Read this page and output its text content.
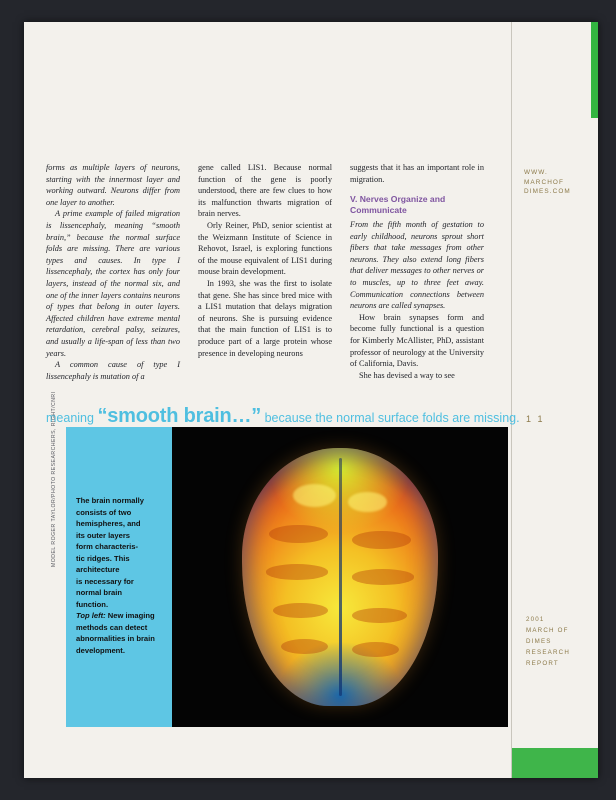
forms as multiple layers of neurons, starting with the innermost layer and working outward. Neurons differ from one layer to another.

A prime example of failed migration is lissencephaly, meaning “smooth brain,” because the normal surface folds are missing. There are various types and causes. In type I lissencephaly, the cortex has only four layers, instead of the normal six, and one of the inner layers contains neurons of types that belong in outer layers. Affected children have extreme mental retardation, cerebral palsy, seizures, and usually a life-span of less than two years.

A common cause of type I lissencephaly is mutation of a

gene called LIS1. Because normal function of the gene is poorly understood, there are few clues to how its malfunction thwarts migration of brain nerves.

Orly Reiner, PhD, senior scientist at the Weizmann Institute of Science in Rehovot, Israel, is exploring functions of the mouse equivalent of LIS1 during mouse brain development.

In 1993, she was the first to isolate that gene. She has since bred mice with a LIS1 mutation that delays migration of neurons. She is pursuing evidence that the main function of LIS1 is to produce part of a large protein whose presence in developing neurons

suggests that it has an important role in migration.

V. Nerves Organize and Communicate

From the fifth month of gestation to early childhood, neurons sprout short fibers that take messages from other neurons. They also extend long fibers that deliver messages to other nerves or to muscles, up to three feet away. Communication connections between neurons are called synapses.

How brain synapses form and become fully functional is a question for Kimberly McAllister, PhD, assistant professor of neurology at the University of California, Davis.

She has devised a way to see

meaning “smooth brain…” because the normal surface folds are missing.
The brain normally
consists of two
hemispheres, and
its outer layers
form characteris-
tic ridges. This
architecture
is necessary for
normal brain
function.
Top left: New imaging methods can detect abnormalities in brain development.
MODEL ROGER TAYLOR/PHOTO RESEARCHERS, RIGHT/CNRI
WWW.
MARCHOF
DIMES.COM
1 1
2001
MARCH OF
DIMES
RESEARCH
REPORT
